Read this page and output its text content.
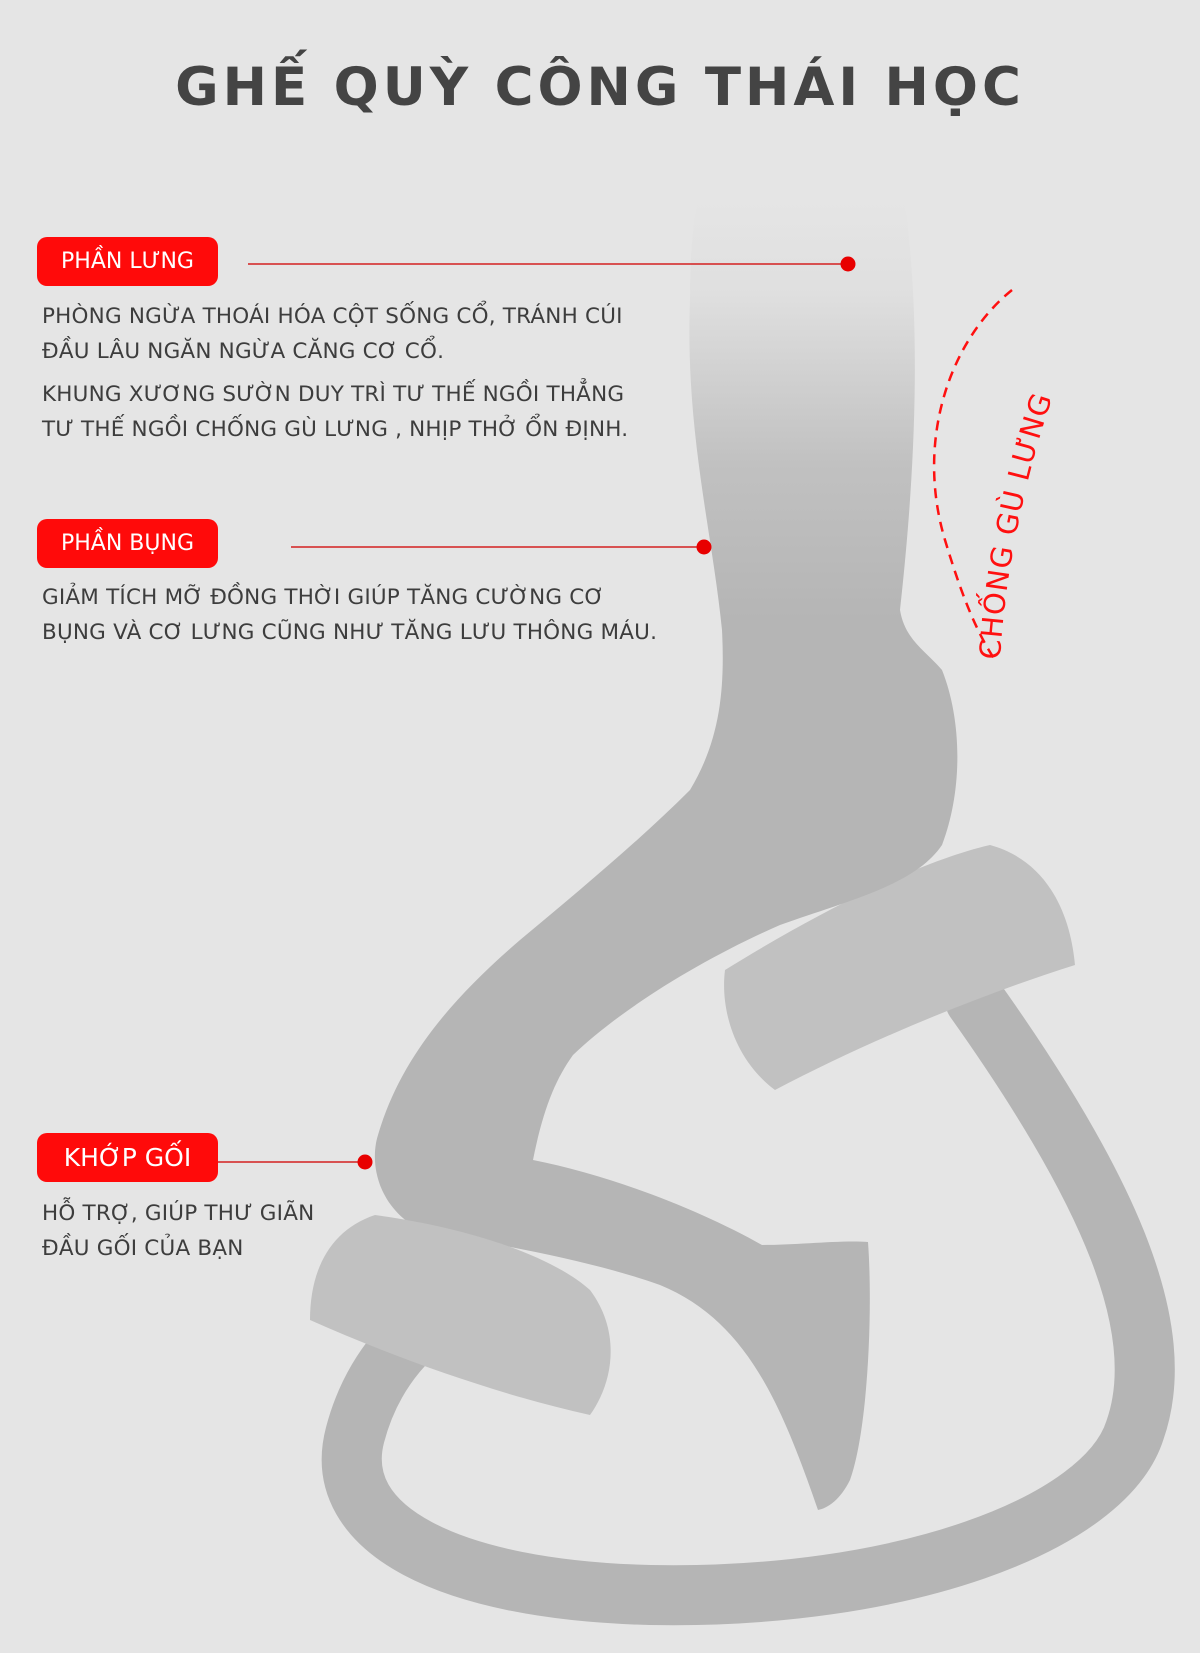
CHỐNG GÙ LƯNG
GHẾ QUỲ CÔNG THÁI HỌC
PHẦN LƯNG

PHÒNG NGỪA THOÁI HÓA CỘT SỐNG CỔ, TRÁNH CÚI
ĐẦU LÂU NGĂN NGỪA CĂNG CƠ CỔ.

KHUNG XƯƠNG SƯỜN DUY TRÌ TƯ THẾ NGỒI THẲNG
TƯ THẾ NGỒI CHỐNG GÙ LƯNG , NHỊP THỞ ỔN ĐỊNH.

PHẦN BỤNG

GIẢM TÍCH MỠ ĐỒNG THỜI GIÚP TĂNG CƯỜNG CƠ
BỤNG VÀ CƠ LƯNG CŨNG NHƯ TĂNG LƯU THÔNG MÁU.

KHỚP GỐI

HỖ TRỢ, GIÚP THƯ GIÃN
ĐẦU GỐI CỦA BẠN
